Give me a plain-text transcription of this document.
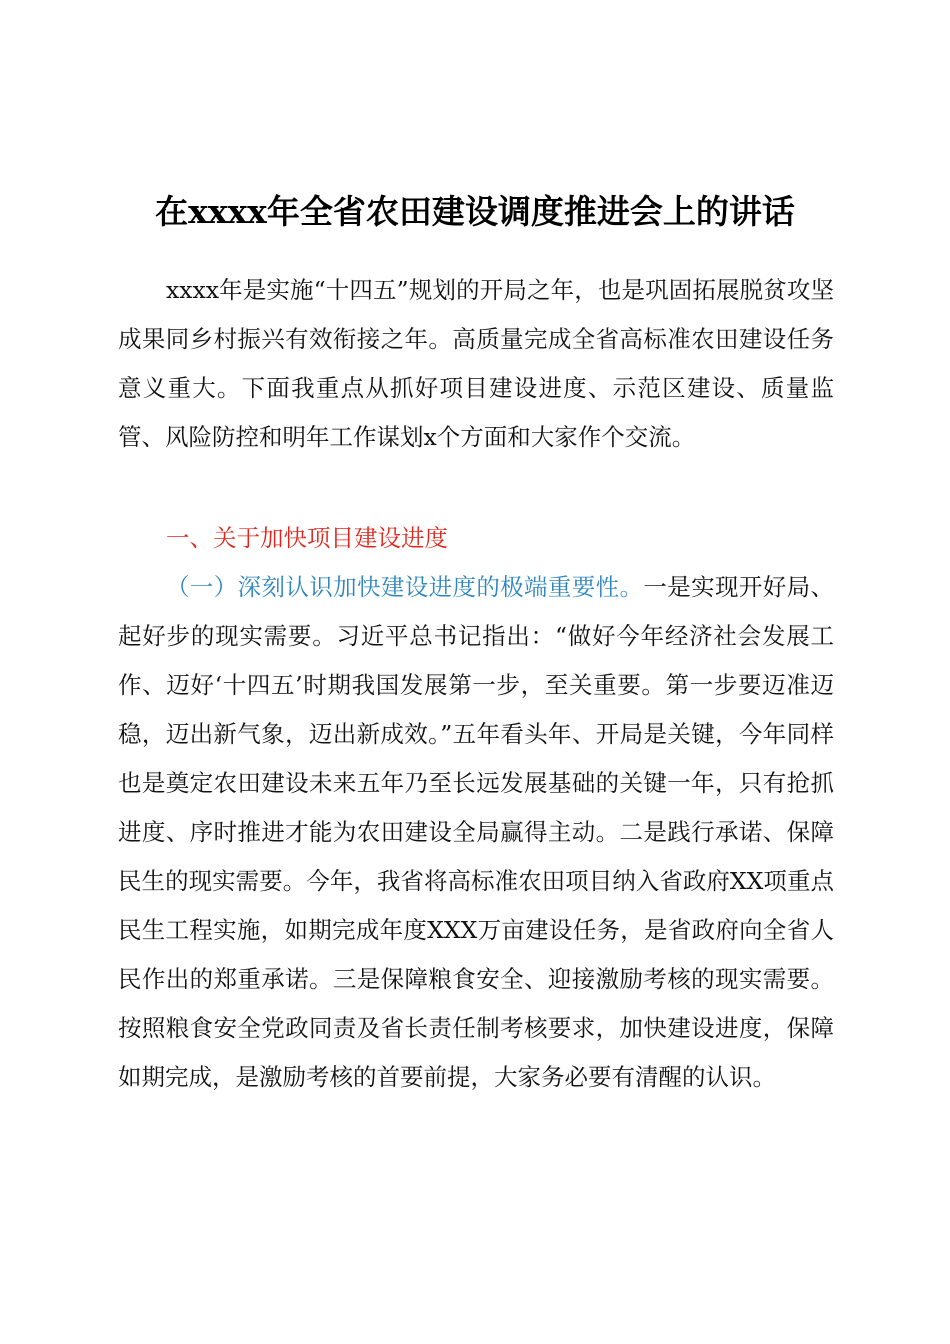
在xxxx年全省农田建设调度推进会上的讲话
xxxx年是实施“十四五”规划的开局之年，也是巩固拓展脱贫攻坚成果同乡村振兴有效衔接之年。高质量完成全省高标准农田建设任务意义重大。下面我重点从抓好项目建设进度、示范区建设、质量监管、风险防控和明年工作谋划x个方面和大家作个交流。
一、关于加快项目建设进度
（一）深刻认识加快建设进度的极端重要性。一是实现开好局、起好步的现实需要。习近平总书记指出：“做好今年经济社会发展工作、迈好‘十四五’时期我国发展第一步，至关重要。第一步要迈准迈稳，迈出新气象，迈出新成效。”五年看头年、开局是关键，今年同样也是奠定农田建设未来五年乃至长远发展基础的关键一年，只有抢抓进度、序时推进才能为农田建设全局赢得主动。二是践行承诺、保障民生的现实需要。今年，我省将高标准农田项目纳入省政府XX项重点民生工程实施，如期完成年度XXX万亩建设任务，是省政府向全省人民作出的郑重承诺。三是保障粮食安全、迎接激励考核的现实需要。按照粮食安全党政同责及省长责任制考核要求，加快建设进度，保障如期完成，是激励考核的首要前提，大家务必要有清醒的认识。
